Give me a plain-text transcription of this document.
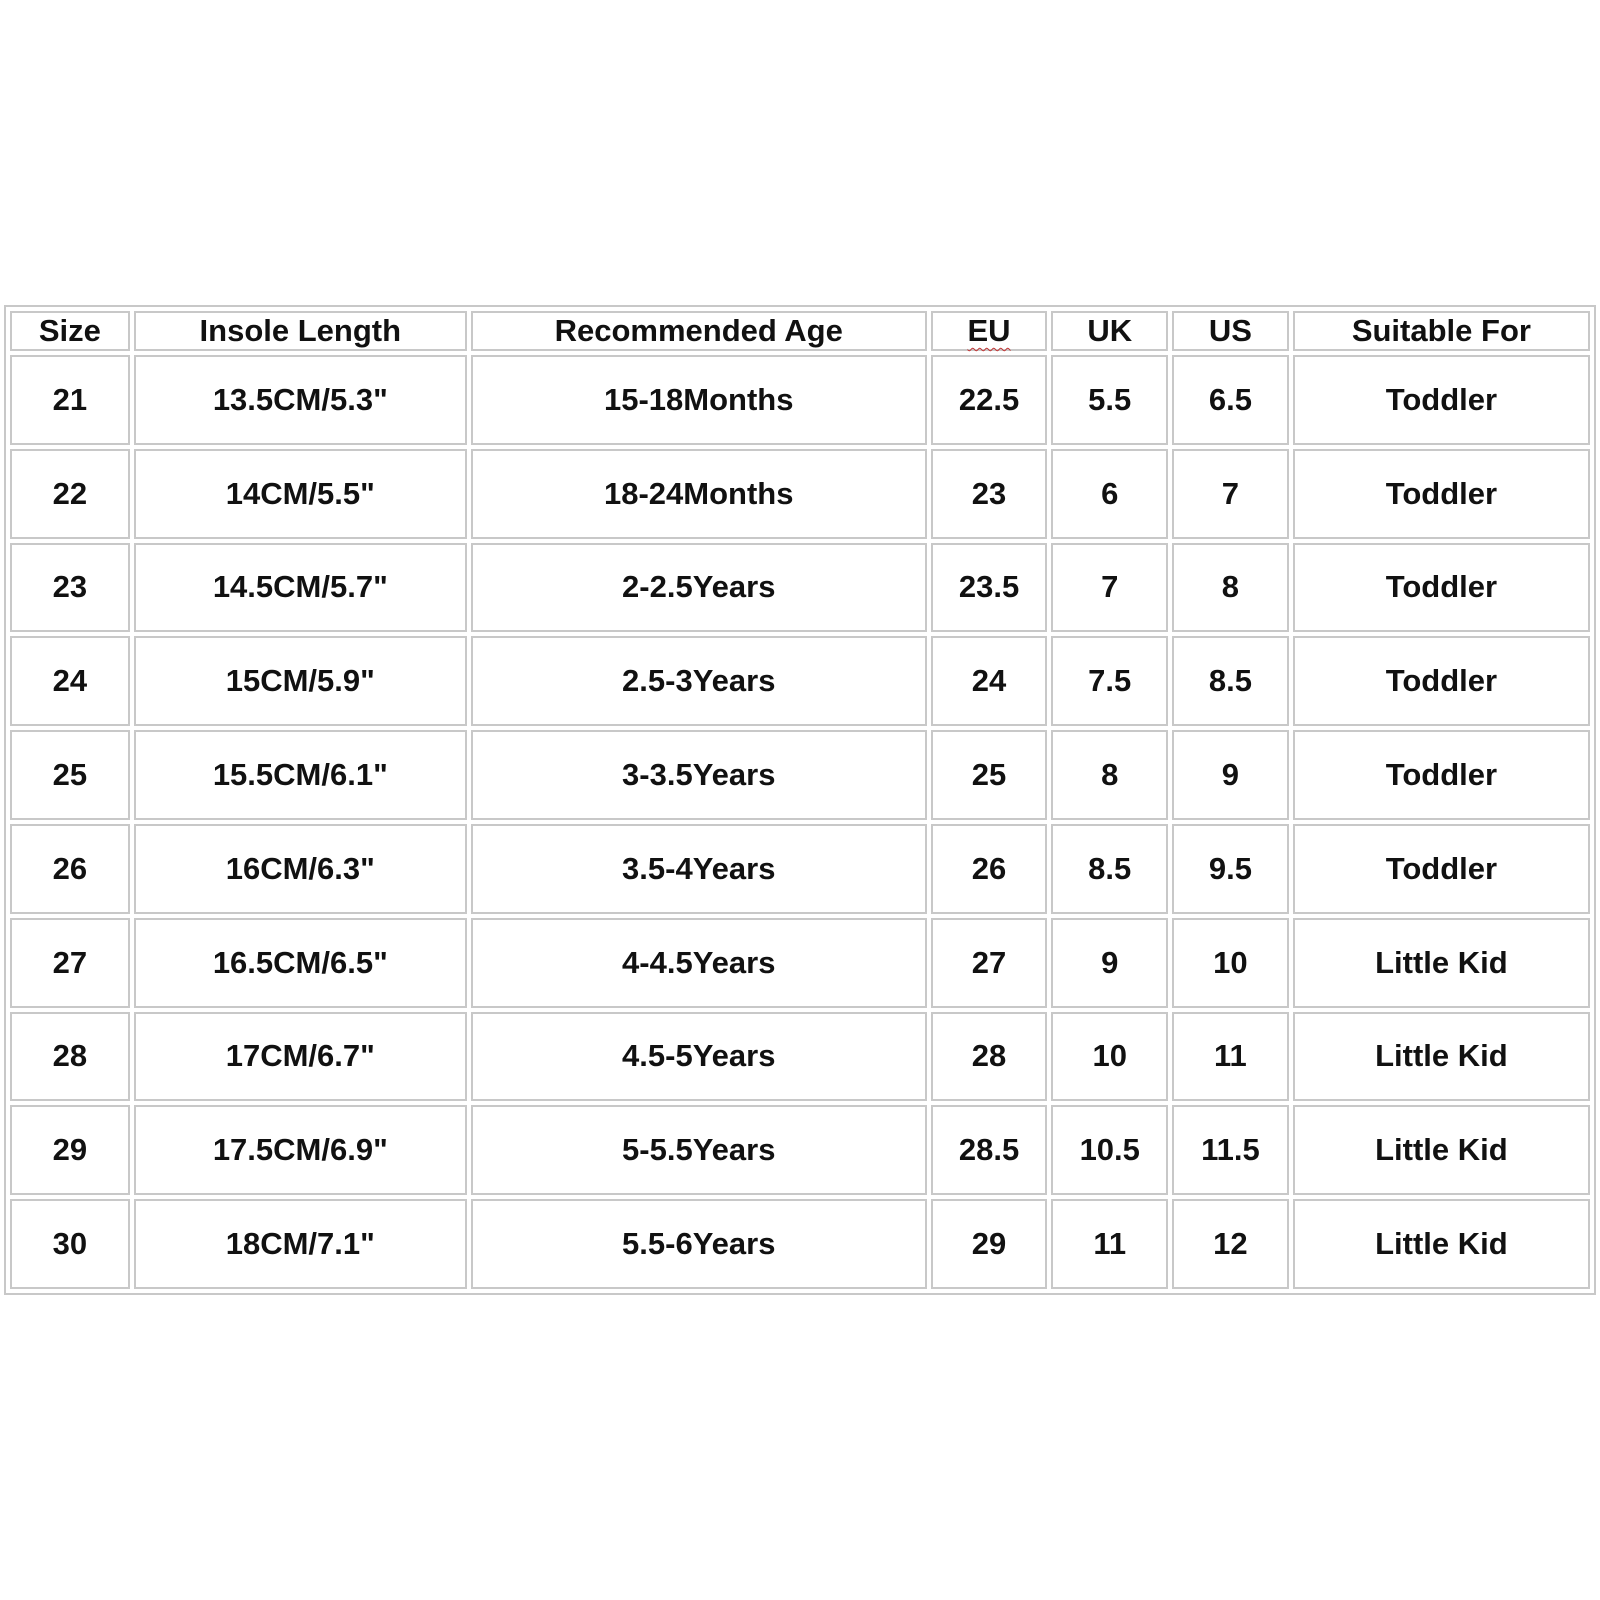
Size	Insole Length	Recommended Age	EU	UK	US	Suitable For
21	13.5CM/5.3"	15-18Months	22.5	5.5	6.5	Toddler
22	14CM/5.5"	18-24Months	23	6	7	Toddler
23	14.5CM/5.7"	2-2.5Years	23.5	7	8	Toddler
24	15CM/5.9"	2.5-3Years	24	7.5	8.5	Toddler
25	15.5CM/6.1"	3-3.5Years	25	8	9	Toddler
26	16CM/6.3"	3.5-4Years	26	8.5	9.5	Toddler
27	16.5CM/6.5"	4-4.5Years	27	9	10	Little Kid
28	17CM/6.7"	4.5-5Years	28	10	11	Little Kid
29	17.5CM/6.9"	5-5.5Years	28.5	10.5	11.5	Little Kid
30	18CM/7.1"	5.5-6Years	29	11	12	Little Kid
